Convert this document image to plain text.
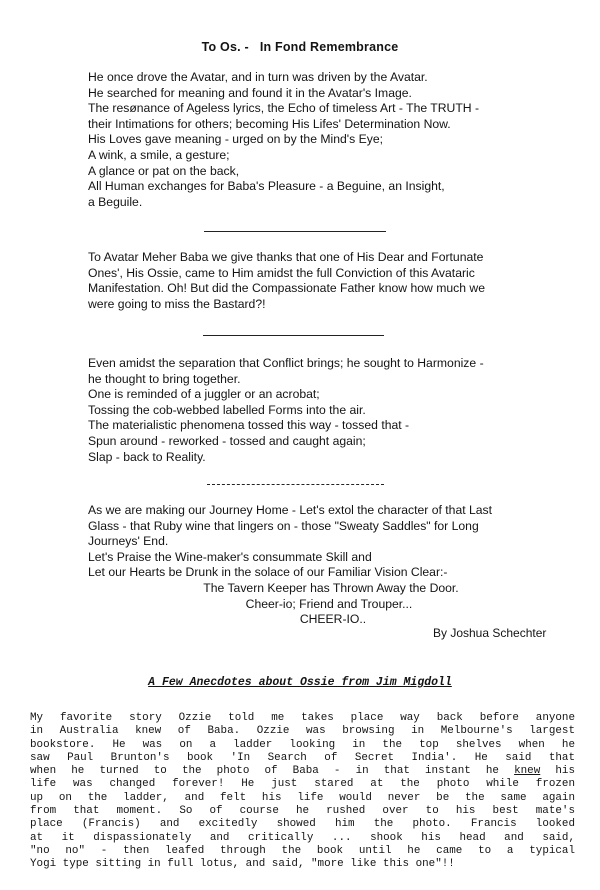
To Os. -   In Fond Remembrance
He once drove the Avatar, and in turn was driven by the Avatar.
He searched for meaning and found it in the Avatar's Image.
The resønance of Ageless lyrics, the Echo of timeless Art - The TRUTH -
their Intimations for others; becoming His Lifes' Determination Now.
His Loves gave meaning - urged on by the Mind's Eye;
A wink, a smile, a gesture;
A glance or pat on the back,
All Human exchanges for Baba's Pleasure - a Beguine, an Insight,
a Beguile.
To Avatar Meher Baba we give thanks that one of His Dear and Fortunate
Ones', His Ossie, came to Him amidst the full Conviction of this Avataric
Manifestation. Oh! But did the Compassionate Father know how much we
were going to miss the Bastard?!
Even amidst the separation that Conflict brings; he sought to Harmonize -
he thought to bring together.
One is reminded of a juggler or an acrobat;
Tossing the cob-webbed labelled Forms into the air.
The materialistic phenomena tossed this way - tossed that -
Spun around - reworked - tossed and caught again;
Slap - back to Reality.
As we are making our Journey Home - Let's extol the character of that Last
Glass - that Ruby wine that lingers on - those "Sweaty Saddles" for Long
Journeys' End.
Let's Praise the Wine-maker's consummate Skill and
Let our Hearts be Drunk in the solace of our Familiar Vision Clear:-
The Tavern Keeper has Thrown Away the Door.
Cheer-io; Friend and Trouper...
CHEER-IO..
By Joshua Schechter
A Few Anecdotes about Ossie from Jim Migdoll
My favorite story Ozzie told me takes place way back before anyone
in Australia knew of Baba. Ozzie was browsing in Melbourne's largest
bookstore. He was on a ladder looking in the top shelves when he
saw Paul Brunton's book 'In Search of Secret India'. He said that
when he turned to the photo of Baba - in that instant he knew his
life was changed forever! He just stared at the photo while frozen
up on the ladder, and felt his life would never be the same again
from that moment. So of course he rushed over to his best mate's
place (Francis) and excitedly showed him the photo. Francis looked
at it dispassionately and critically ... shook his head and said,
"no no" - then leafed through the book until he came to a typical
Yogi type sitting in full lotus, and said, "more like this one"!!
